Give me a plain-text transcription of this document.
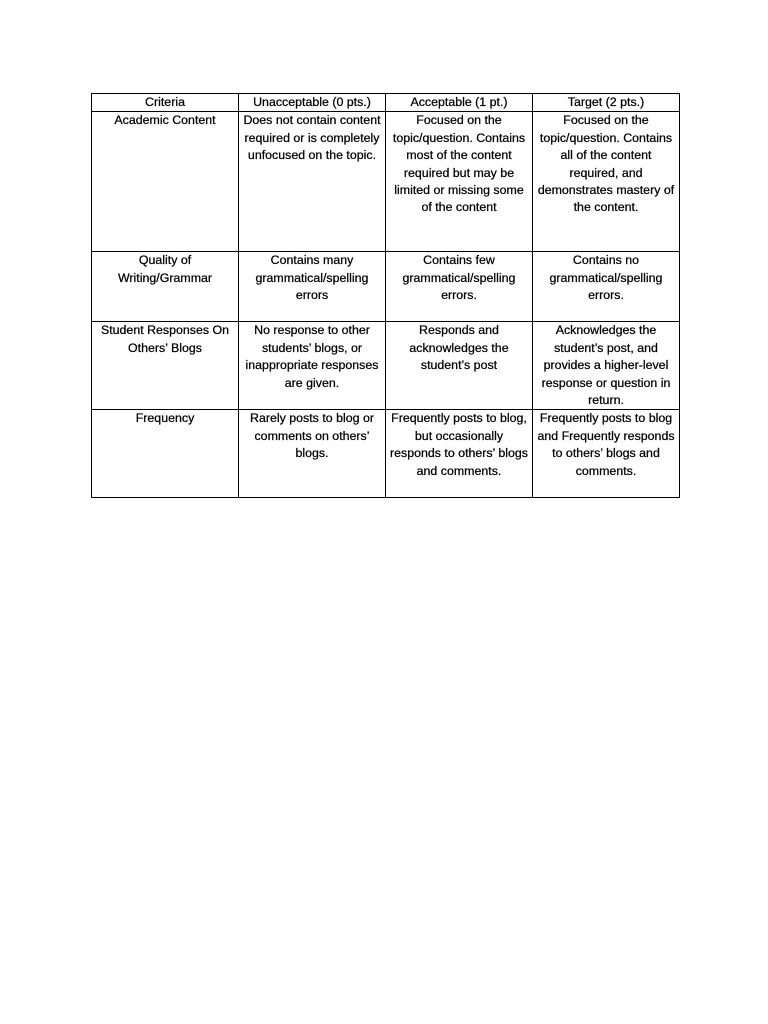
Criteria	Unacceptable (0 pts.)	Acceptable (1 pt.)	Target (2 pts.)
Academic Content	Does not contain content required or is completely unfocused on the topic.	Focused on the topic/question. Contains most of the content required but may be limited or missing some of the content	Focused on the topic/question. Contains all of the content required, and demonstrates mastery of the content.
Quality of Writing/Grammar	Contains many grammatical/spelling errors	Contains few grammatical/spelling errors.	Contains no grammatical/spelling errors.
Student Responses On Others’ Blogs	No response to other students’ blogs, or inappropriate responses are given.	Responds and acknowledges the student’s post	Acknowledges the student’s post, and provides a higher-level response or question in return.
Frequency	Rarely posts to blog or comments on others’ blogs.	Frequently posts to blog, but occasionally responds to others’ blogs and comments.	Frequently posts to blog and Frequently responds to others’ blogs and comments.
